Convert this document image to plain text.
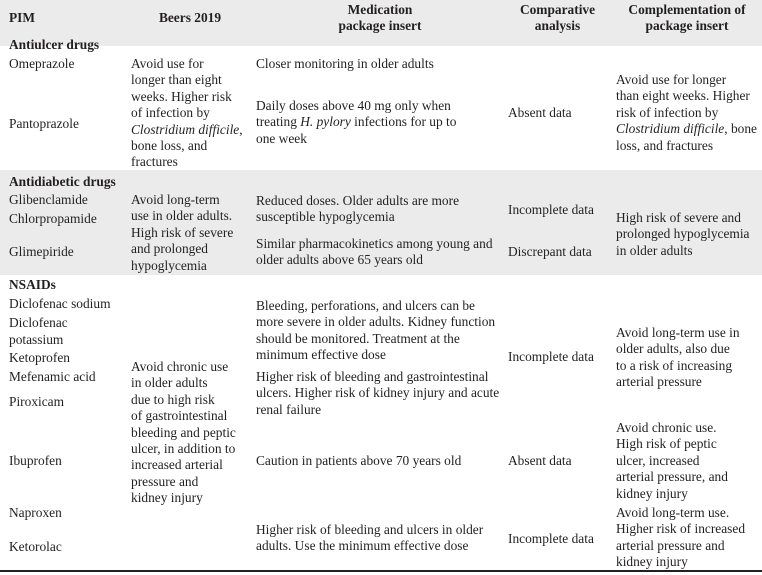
PIM	Beers 2019
Medication
package insert
Comparative
analysis
Complementation of
package insert
Antiulcer drugs
Omeprazole
Pantoprazole
Avoid use for
longer than eight
weeks. Higher risk
of infection by
Clostridium difficile,
bone loss, and
fractures
Closer monitoring in older adults
Daily doses above 40 mg only when
treating H. pylory infections for up to
one week
Absent data
Avoid use for longer
than eight weeks. Higher
risk of infection by
Clostridium difficile, bone
loss, and fractures
Antidiabetic drugs
Glibenclamide
Chlorpropamide
Glimepiride
Avoid long-term
use in older adults.
High risk of severe
and prolonged
hypoglycemia
Reduced doses. Older adults are more
susceptible hypoglycemia
Similar pharmacokinetics among young and
older adults above 65 years old
Incomplete data
Discrepant data
High risk of severe and
prolonged hypoglycemia
in older adults
NSAIDs
Diclofenac sodium
Diclofenac
potassium
Ketoprofen
Mefenamic acid
Piroxicam
Ibuprofen
Naproxen
Ketorolac
Avoid chronic use
in older adults
due to high risk
of gastrointestinal
bleeding and peptic
ulcer, in addition to
increased arterial
pressure and
kidney injury
Bleeding, perforations, and ulcers can be
more severe in older adults. Kidney function
should be monitored. Treatment at the
minimum effective dose
Higher risk of bleeding and gastrointestinal
ulcers. Higher risk of kidney injury and acute
renal failure
Caution in patients above 70 years old
Higher risk of bleeding and ulcers in older
adults. Use the minimum effective dose
Incomplete data
Absent data
Incomplete data
Avoid long-term use in
older adults, also due
to a risk of increasing
arterial pressure
Avoid chronic use.
High risk of peptic
ulcer, increased
arterial pressure, and
kidney injury
Avoid long-term use.
Higher risk of increased
arterial pressure and
kidney injury
